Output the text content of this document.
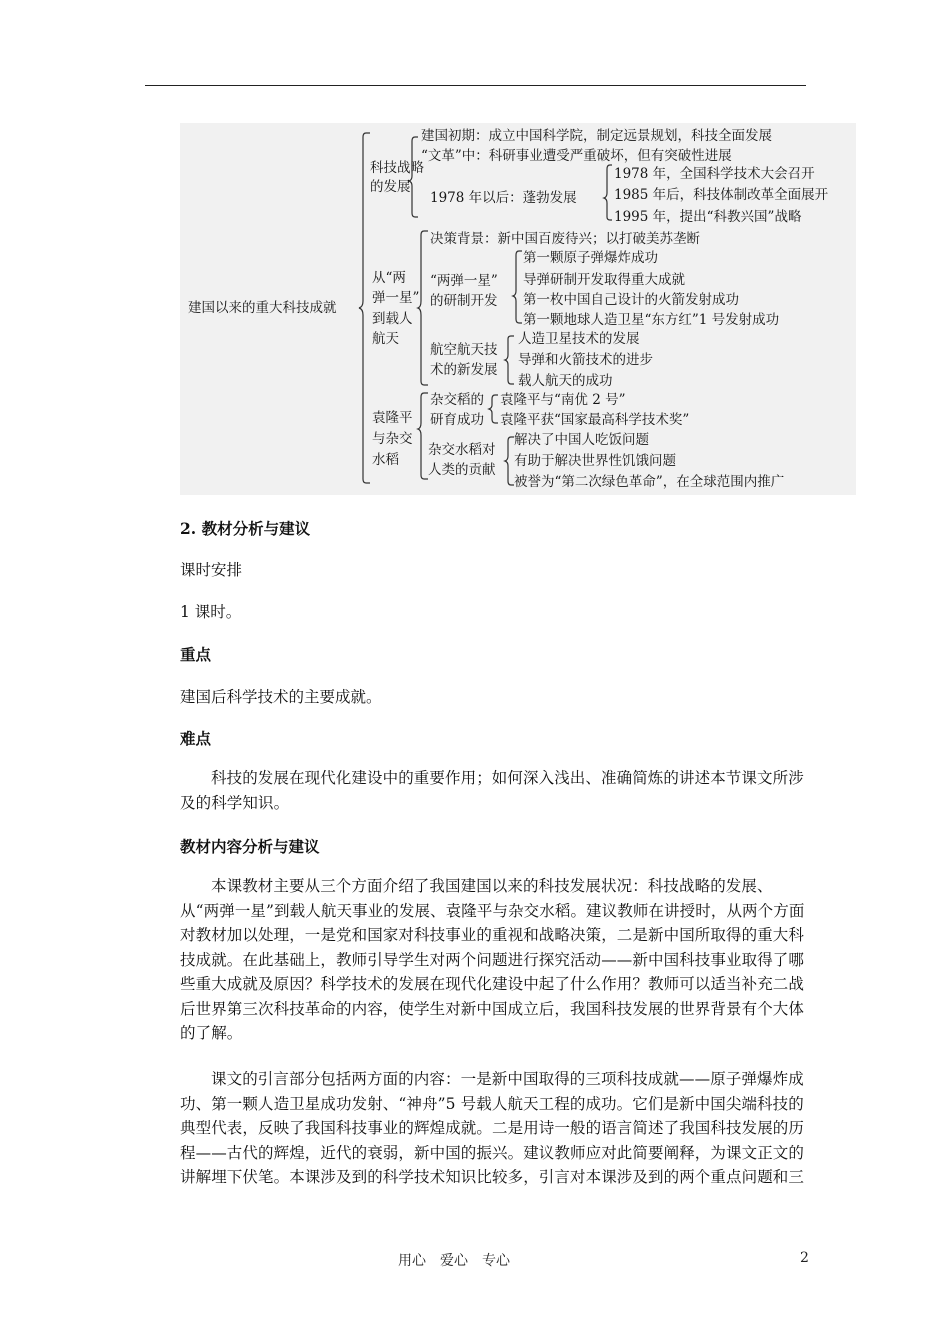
建国以来的重大科技成就
科技战略
的发展
建国初期：成立中国科学院，制定远景规划，科技全面发展
“文革”中：科研事业遭受严重破坏，但有突破性进展
1978 年以后：蓬勃发展
1978 年，全国科学技术大会召开
1985 年后，科技体制改革全面展开
1995 年，提出“科教兴国”战略
从“两
弹一星”
到载人
航天
决策背景：新中国百废待兴；以打破美苏垄断
“两弹一星”
的研制开发
第一颗原子弹爆炸成功
导弹研制开发取得重大成就
第一枚中国自己设计的火箭发射成功
第一颗地球人造卫星“东方红”1 号发射成功
航空航天技
术的新发展
人造卫星技术的发展
导弹和火箭技术的进步
载人航天的成功
袁隆平
与杂交
水稻
杂交稻的
研育成功
袁隆平与“南优 2 号”
袁隆平获“国家最高科学技术奖”
杂交水稻对
人类的贡献
解决了中国人吃饭问题
有助于解决世界性饥饿问题
被誉为“第二次绿色革命”，在全球范围内推广
2. 教材分析与建议
课时安排
1 课时。
重点
建国后科学技术的主要成就。
难点
科技的发展在现代化建设中的重要作用；如何深入浅出、准确简炼的讲述本节课文所涉及的科学知识。
教材内容分析与建议
本课教材主要从三个方面介绍了我国建国以来的科技发展状况：科技战略的发展、从“两弹一星”到载人航天事业的发展、袁隆平与杂交水稻。建议教师在讲授时，从两个方面对教材加以处理，一是党和国家对科技事业的重视和战略决策，二是新中国所取得的重大科技成就。在此基础上，教师引导学生对两个问题进行探究活动——新中国科技事业取得了哪些重大成就及原因？科学技术的发展在现代化建设中起了什么作用？教师可以适当补充二战后世界第三次科技革命的内容，使学生对新中国成立后，我国科技发展的世界背景有个大体的了解。
课文的引言部分包括两方面的内容：一是新中国取得的三项科技成就——原子弹爆炸成功、第一颗人造卫星成功发射、“神舟”5 号载人航天工程的成功。它们是新中国尖端科技的典型代表，反映了我国科技事业的辉煌成就。二是用诗一般的语言简述了我国科技发展的历程——古代的辉煌，近代的衰弱，新中国的振兴。建议教师应对此简要阐释，为课文正文的讲解埋下伏笔。本课涉及到的科学技术知识比较多，引言对本课涉及到的两个重点问题和三
用心　爱心　专心	2
